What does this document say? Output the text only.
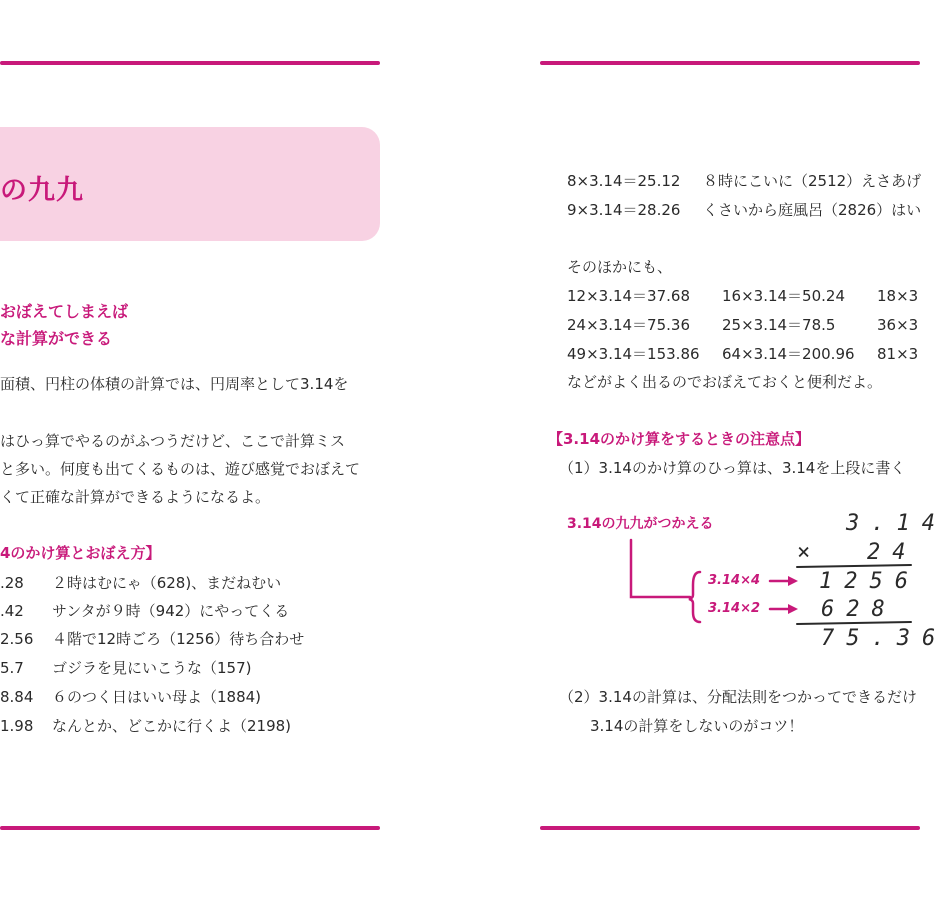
の九九
おぼえてしまえば
な計算ができる
面積、円柱の体積の計算では、円周率として3.14を
はひっ算でやるのがふつうだけど、ここで計算ミス
と多い。何度も出てくるものは、遊び感覚でおぼえて
くて正確な計算ができるようになるよ。
4のかけ算とおぼえ方】
.28 ２時はむにゃ（628)、まだねむい
.42 サンタが９時（942）にやってくる
2.56 ４階で12時ごろ（1256）待ち合わせ
5.7 ゴジラを見にいこうな（157)
8.84 ６のつく日はいい母よ（1884)
1.98 なんとか、どこかに行くよ（2198)
8×3.14＝25.12 ８時にこいに（2512）えさあげ
9×3.14＝28.26 くさいから庭風呂（2826）はい
そのほかにも、
12×3.14＝37.68 16×3.14＝50.24 18×3
24×3.14＝75.36 25×3.14＝78.5	36×3
49×3.14＝153.86 64×3.14＝200.96 81×3
などがよく出るのでおぼえておくと便利だよ。
【3.14のかけ算をするときの注意点】
（1）3.14のかけ算のひっ算は、3.14を上段に書く
3.14の九九がつかえる	3.14
× 24
3.14×4
3.14×2
1256
628
75.36
（2）3.14の計算は、分配法則をつかってできるだけ
3.14の計算をしないのがコツ！
